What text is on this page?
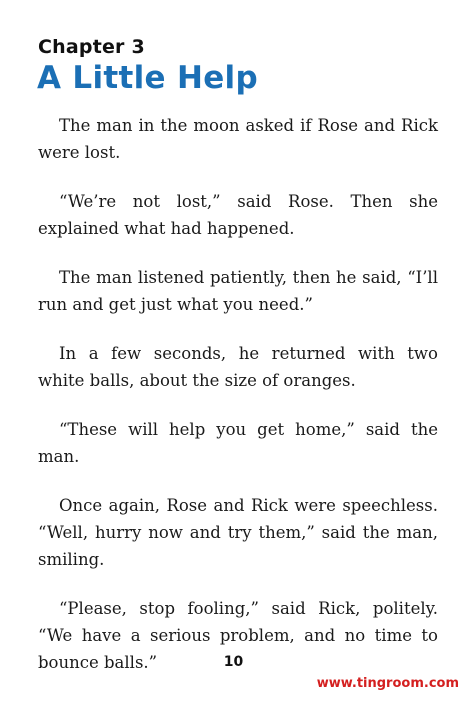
Chapter 3
A Little Help

The man in the moon asked if Rose and Rick were lost.

“We’re not lost,” said Rose. Then she explained what had happened.

The man listened patiently, then he said, “I’ll run and get just what you need.”

In a few seconds, he returned with two white balls, about the size of oranges.

“These will help you get home,” said the man.

Once again, Rose and Rick were speechless. “Well, hurry now and try them,” said the man, smiling.

“Please, stop fooling,” said Rick, politely. “We have a serious problem, and no time to bounce balls.”	10
www.tingroom.com
